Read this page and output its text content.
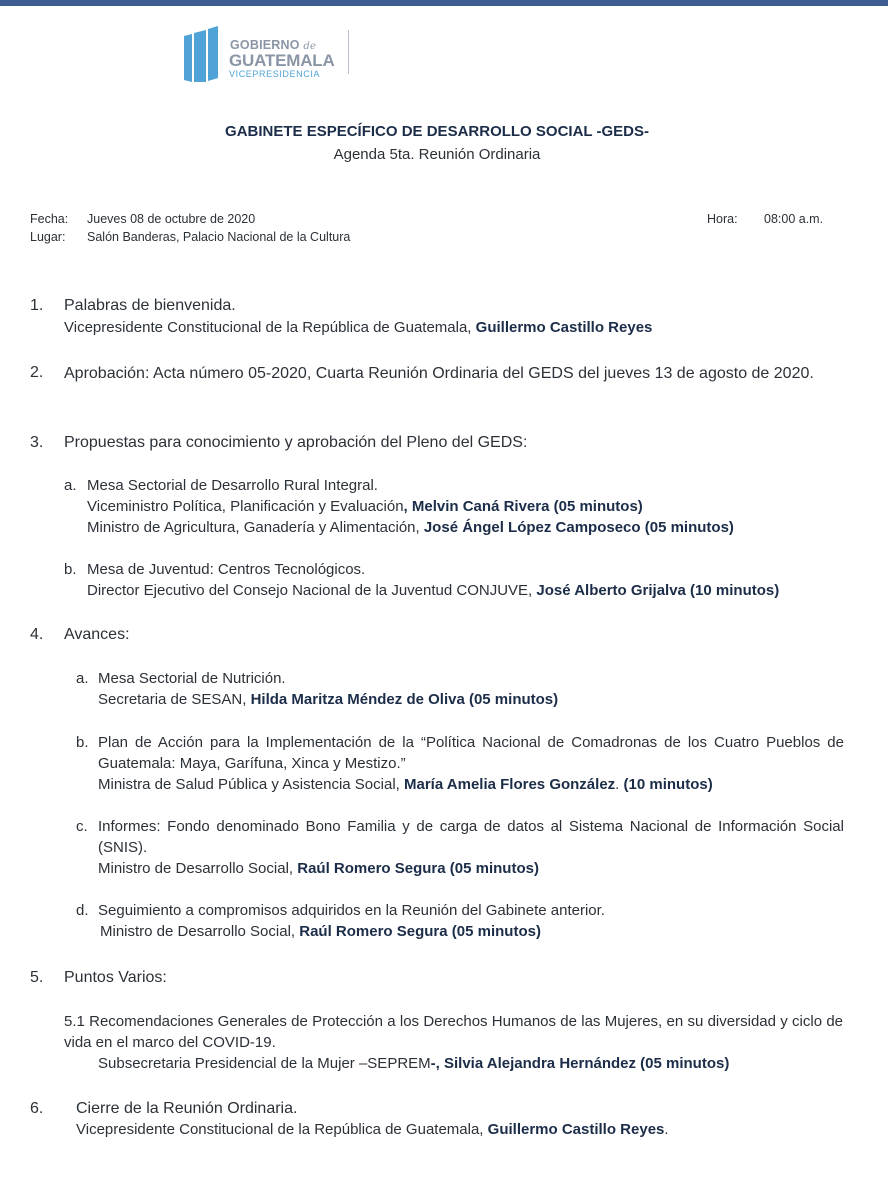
GOBIERNO de
GUATEMALA
VICEPRESIDENCIA
GABINETE ESPECÍFICO DE DESARROLLO SOCIAL -GEDS-
Agenda 5ta. Reunión Ordinaria
Fecha: Jueves 08 de octubre de 2020
Lugar: Salón Banderas, Palacio Nacional de la Cultura
Hora: 08:00 a.m.
1. Palabras de bienvenida.
Vicepresidente Constitucional de la República de Guatemala, Guillermo Castillo Reyes
2. Aprobación: Acta número 05-2020, Cuarta Reunión Ordinaria del GEDS del jueves 13 de agosto de 2020.
3. Propuestas para conocimiento y aprobación del Pleno del GEDS:
a. Mesa Sectorial de Desarrollo Rural Integral.
Viceministro Política, Planificación y Evaluación, Melvin Caná Rivera (05 minutos)
Ministro de Agricultura, Ganadería y Alimentación, José Ángel López Camposeco (05 minutos)
b. Mesa de Juventud: Centros Tecnológicos.
Director Ejecutivo del Consejo Nacional de la Juventud CONJUVE, José Alberto Grijalva (10 minutos)
4. Avances:
a. Mesa Sectorial de Nutrición.
Secretaria de SESAN, Hilda Maritza Méndez de Oliva (05 minutos)
b. Plan de Acción para la Implementación de la “Política Nacional de Comadronas de los Cuatro Pueblos de Guatemala: Maya, Garífuna, Xinca y Mestizo.”
Ministra de Salud Pública y Asistencia Social, María Amelia Flores González. (10 minutos)
c. Informes: Fondo denominado Bono Familia y de carga de datos al Sistema Nacional de Información Social (SNIS).
Ministro de Desarrollo Social, Raúl Romero Segura (05 minutos)
d. Seguimiento a compromisos adquiridos en la Reunión del Gabinete anterior.
Ministro de Desarrollo Social, Raúl Romero Segura (05 minutos)
5. Puntos Varios:
5.1 Recomendaciones Generales de Protección a los Derechos Humanos de las Mujeres, en su diversidad y ciclo de vida en el marco del COVID-19.
Subsecretaria Presidencial de la Mujer –SEPREM-, Silvia Alejandra Hernández (05 minutos)
6. Cierre de la Reunión Ordinaria.
Vicepresidente Constitucional de la República de Guatemala, Guillermo Castillo Reyes.
